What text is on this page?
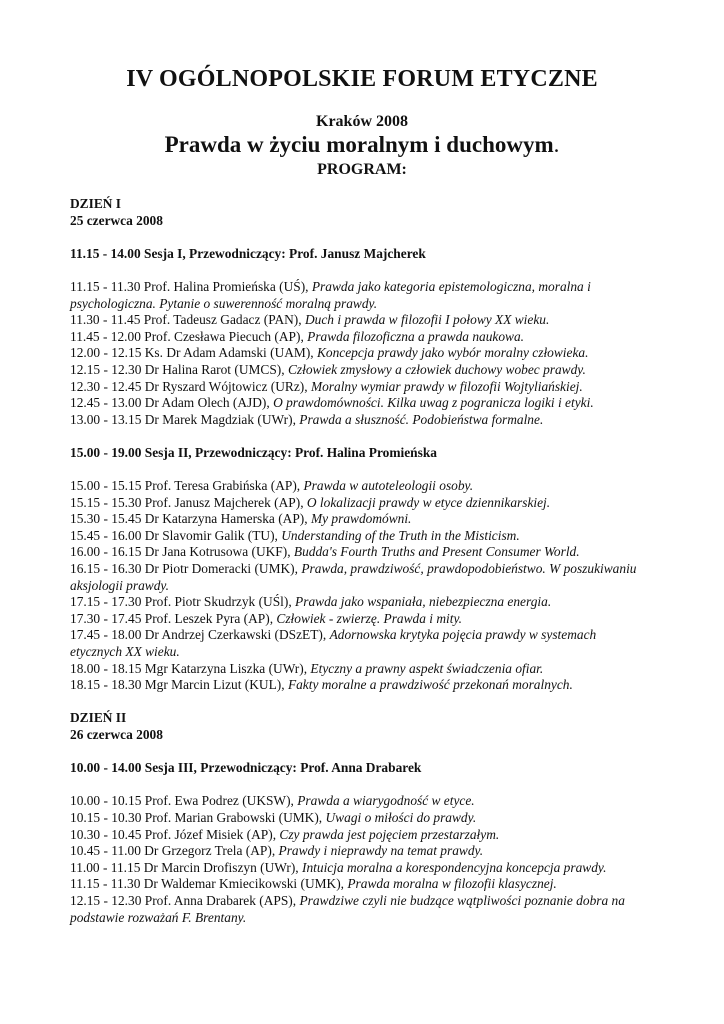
IV OGÓLNOPOLSKIE FORUM ETYCZNE
Kraków 2008
Prawda w życiu moralnym i duchowym.
PROGRAM:
DZIEŃ I
25 czerwca 2008
11.15 - 14.00 Sesja I, Przewodniczący: Prof. Janusz Majcherek
11.15 - 11.30 Prof. Halina Promieńska (UŚ), Prawda jako kategoria epistemologiczna, moralna i psychologiczna. Pytanie o suwerenność moralną prawdy.
11.30 - 11.45 Prof. Tadeusz Gadacz (PAN), Duch i prawda w filozofii I połowy XX wieku.
11.45 - 12.00 Prof. Czesława Piecuch (AP), Prawda filozoficzna a prawda naukowa.
12.00 - 12.15 Ks. Dr Adam Adamski (UAM), Koncepcja prawdy jako wybór moralny człowieka.
12.15 - 12.30 Dr Halina Rarot (UMCS), Człowiek zmysłowy a człowiek duchowy wobec prawdy.
12.30 - 12.45 Dr Ryszard Wójtowicz (URz), Moralny wymiar prawdy w filozofii Wojtyliańskiej.
12.45 - 13.00 Dr Adam Olech (AJD), O prawdomówności. Kilka uwag z pogranicza logiki i etyki.
13.00 - 13.15 Dr Marek Magdziak (UWr), Prawda a słuszność. Podobieństwa formalne.
15.00 - 19.00 Sesja II, Przewodniczący: Prof. Halina Promieńska
15.00 - 15.15 Prof. Teresa Grabińska (AP), Prawda w autoteleologii osoby.
15.15 - 15.30 Prof. Janusz Majcherek (AP), O lokalizacji prawdy w etyce dziennikarskiej.
15.30 - 15.45 Dr Katarzyna Hamerska (AP), My prawdomówni.
15.45 - 16.00 Dr Slavomir Galik (TU), Understanding of the Truth in the Misticism.
16.00 - 16.15 Dr Jana Kotrusowa (UKF), Budda's Fourth Truths and Present Consumer World.
16.15 - 16.30 Dr Piotr Domeracki (UMK), Prawda, prawdziwość, prawdopodobieństwo. W poszukiwaniu aksjologii prawdy.
17.15 - 17.30 Prof. Piotr Skudrzyk (UŚl), Prawda jako wspaniała, niebezpieczna energia.
17.30 - 17.45 Prof. Leszek Pyra (AP), Człowiek - zwierzę. Prawda i mity.
17.45 - 18.00 Dr Andrzej Czerkawski (DSzET), Adornowska krytyka pojęcia prawdy w systemach etycznych XX wieku.
18.00 - 18.15 Mgr Katarzyna Liszka (UWr), Etyczny a prawny aspekt świadczenia ofiar.
18.15 - 18.30 Mgr Marcin Lizut (KUL), Fakty moralne a prawdziwość przekonań moralnych.
DZIEŃ II
26 czerwca 2008
10.00 - 14.00 Sesja III, Przewodniczący: Prof. Anna Drabarek
10.00 - 10.15 Prof. Ewa Podrez (UKSW), Prawda a wiarygodność w etyce.
10.15 - 10.30 Prof. Marian Grabowski (UMK), Uwagi o miłości do prawdy.
10.30 - 10.45 Prof. Józef Misiek (AP), Czy prawda jest pojęciem przestarzałym.
10.45 - 11.00 Dr Grzegorz Trela (AP), Prawdy i nieprawdy na temat prawdy.
11.00 - 11.15 Dr Marcin Drofiszyn (UWr), Intuicja moralna a korespondencyjna koncepcja prawdy.
11.15 - 11.30 Dr Waldemar Kmiecikowski (UMK), Prawda moralna w filozofii klasycznej.
12.15 - 12.30 Prof. Anna Drabarek (APS), Prawdziwe czyli nie budzące wątpliwości poznanie dobra na podstawie rozważań F. Brentany.
